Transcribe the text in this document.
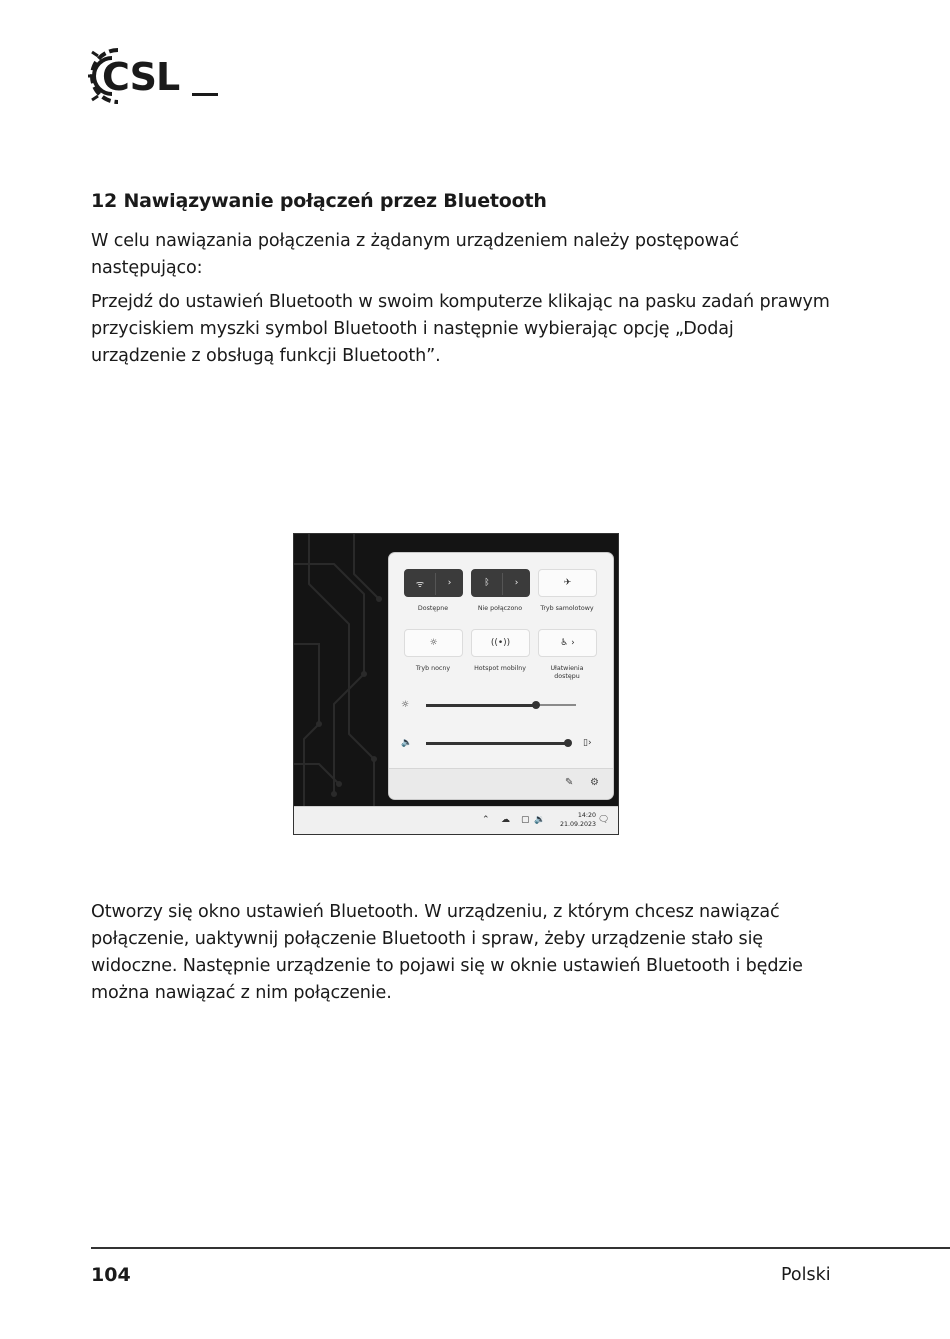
CSL

12 Nawiązywanie połączeń przez Bluetooth

W celu nawiązania połączenia z żądanym urządzeniem należy postępować następująco:

Przejdź do ustawień Bluetooth w swoim komputerze klikając na pasku zadań prawym przyciskiem myszki symbol Bluetooth i następnie wybierając opcję „Dodaj urządzenie z obsługą funkcji Bluetooth”.

ᯤ	›
Dostępne
ᛒ	›
Nie połączono
✈
Tryb samolotowy
☼
Tryb nocny
((•))
Hotspot mobilny
♿ ›
Ułatwienia
dostępu
☼
🔈	▯›
✎ ⚙
⌃ ☁ ▢ 🔉	14:20
21.09.2023 🗨

Otworzy się okno ustawień Bluetooth. W urządzeniu, z którym chcesz nawiązać połączenie, uaktywnij połączenie Bluetooth i spraw, żeby urządzenie stało się widoczne. Następnie urządzenie to pojawi się w oknie ustawień Bluetooth i będzie można nawiązać z nim połączenie.

104	Polski
